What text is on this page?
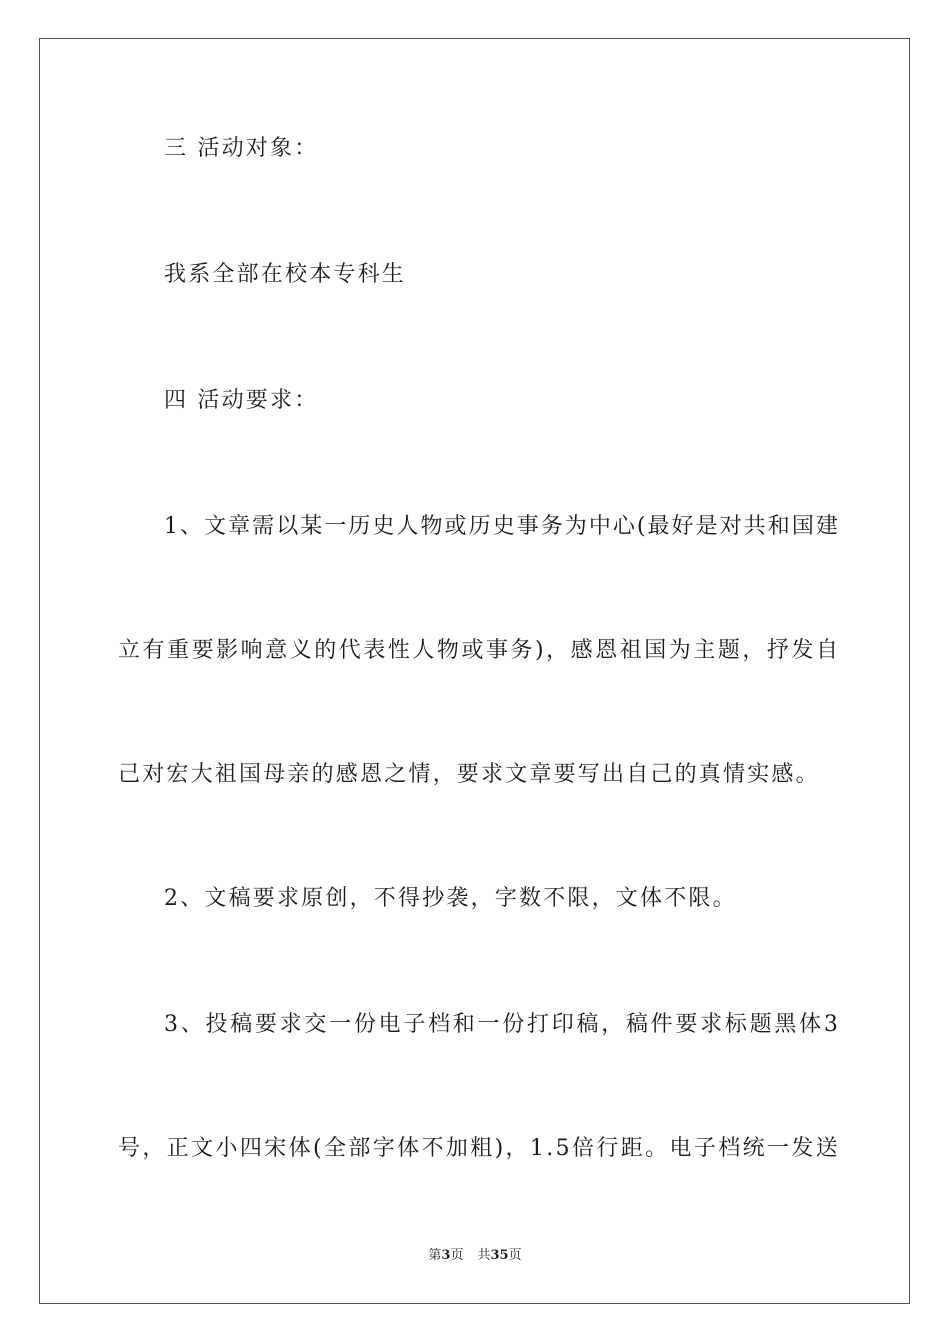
三 活动对象：
我系全部在校本专科生
四 活动要求：
1 、 文 章 需 以 某 一 历 史 人 物 或 历 史 事 务 为 中 心 ( 最 好 是 对 共 和 国 建
立 有 重 要 影 响 意 义 的 代 表 性 人 物 或 事 务 ) ， 感 恩 祖 国 为 主 题 ， 抒 发 自
己对宏大祖国母亲的感恩之情，要求文章要写出自己的真情实感。
2、文稿要求原创，不得抄袭，字数不限，文体不限。
3 、 投 稿 要 求 交 一 份 电 子 档 和 一 份 打 印 稿 ， 稿 件 要 求 标 题 黑 体 3
号 ， 正 文 小 四 宋 体 ( 全 部 字 体 不 加 粗 ) ， 1 . 5 倍 行 距 。 电 子 档 统 一 发 送
第3页 共35页
